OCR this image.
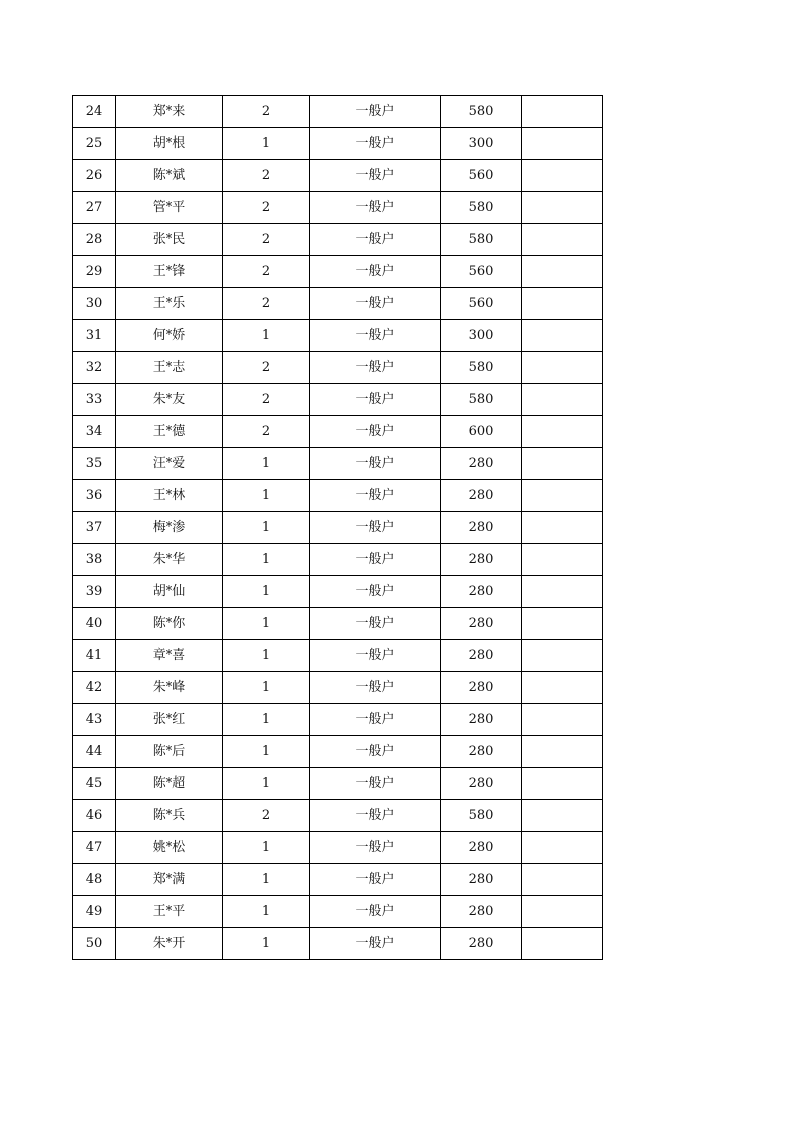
24	郑*来	2	一般户	580	
25	胡*根	1	一般户	300	
26	陈*斌	2	一般户	560	
27	管*平	2	一般户	580	
28	张*民	2	一般户	580	
29	王*锋	2	一般户	560	
30	王*乐	2	一般户	560	
31	何*娇	1	一般户	300	
32	王*志	2	一般户	580	
33	朱*友	2	一般户	580	
34	王*德	2	一般户	600	
35	汪*爱	1	一般户	280	
36	王*林	1	一般户	280	
37	梅*渗	1	一般户	280	
38	朱*华	1	一般户	280	
39	胡*仙	1	一般户	280	
40	陈*你	1	一般户	280	
41	章*喜	1	一般户	280	
42	朱*峰	1	一般户	280	
43	张*红	1	一般户	280	
44	陈*后	1	一般户	280	
45	陈*超	1	一般户	280	
46	陈*兵	2	一般户	580	
47	姚*松	1	一般户	280	
48	郑*满	1	一般户	280	
49	王*平	1	一般户	280	
50	朱*开	1	一般户	280	
